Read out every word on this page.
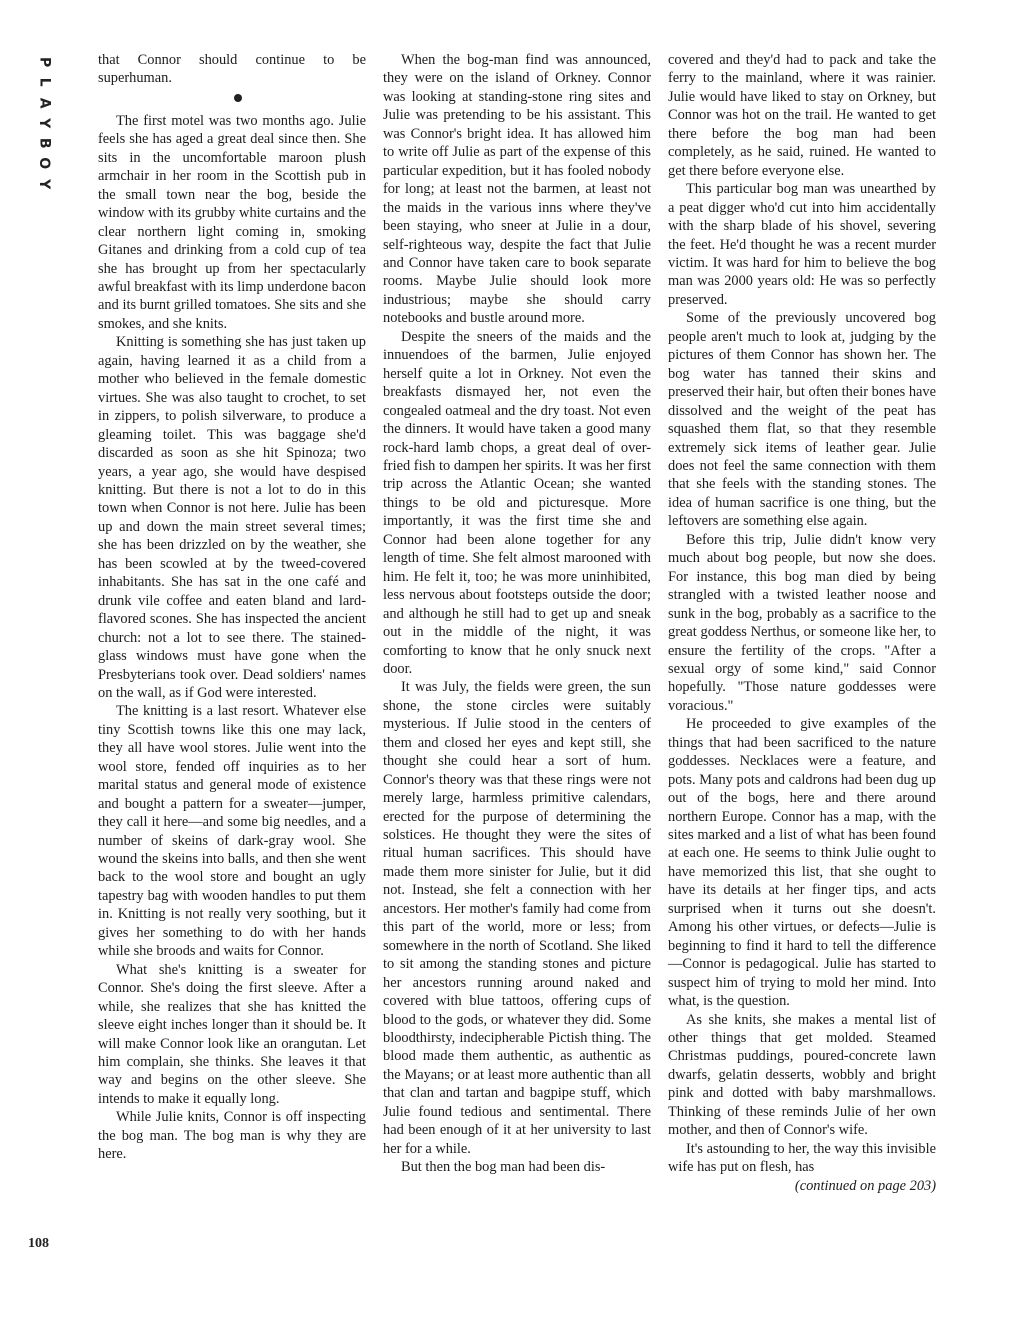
P
L
A
Y
B
O
Y

that Connor should continue to be superhuman.

The first motel was two months ago. Julie feels she has aged a great deal since then. She sits in the uncomfortable maroon plush armchair in her room in the Scottish pub in the small town near the bog, beside the window with its grubby white curtains and the clear northern light coming in, smoking Gitanes and drinking from a cold cup of tea she has brought up from her spectacularly awful breakfast with its limp underdone bacon and its burnt grilled tomatoes. She sits and she smokes, and she knits.

Knitting is something she has just taken up again, having learned it as a child from a mother who believed in the female domestic virtues. She was also taught to crochet, to set in zippers, to polish silverware, to produce a gleaming toilet. This was baggage she'd discarded as soon as she hit Spinoza; two years, a year ago, she would have despised knitting. But there is not a lot to do in this town when Connor is not here. Julie has been up and down the main street several times; she has been drizzled on by the weather, she has been scowled at by the tweed-covered inhabitants. She has sat in the one café and drunk vile coffee and eaten bland and lard-flavored scones. She has inspected the ancient church: not a lot to see there. The stained-glass windows must have gone when the Presbyterians took over. Dead soldiers' names on the wall, as if God were interested.

The knitting is a last resort. Whatever else tiny Scottish towns like this one may lack, they all have wool stores. Julie went into the wool store, fended off inquiries as to her marital status and general mode of existence and bought a pattern for a sweater—jumper, they call it here—and some big needles, and a number of skeins of dark-gray wool. She wound the skeins into balls, and then she went back to the wool store and bought an ugly tapestry bag with wooden handles to put them in. Knitting is not really very soothing, but it gives her something to do with her hands while she broods and waits for Connor.

What she's knitting is a sweater for Connor. She's doing the first sleeve. After a while, she realizes that she has knitted the sleeve eight inches longer than it should be. It will make Connor look like an orangutan. Let him complain, she thinks. She leaves it that way and begins on the other sleeve. She intends to make it equally long.

While Julie knits, Connor is off inspecting the bog man. The bog man is why they are here.

When the bog-man find was announced, they were on the island of Orkney. Connor was looking at standing-stone ring sites and Julie was pretending to be his assistant. This was Connor's bright idea. It has allowed him to write off Julie as part of the expense of this particular expedition, but it has fooled nobody for long; at least not the barmen, at least not the maids in the various inns where they've been staying, who sneer at Julie in a dour, self-righteous way, despite the fact that Julie and Connor have taken care to book separate rooms. Maybe Julie should look more industrious; maybe she should carry notebooks and bustle around more.

Despite the sneers of the maids and the innuendoes of the barmen, Julie enjoyed herself quite a lot in Orkney. Not even the breakfasts dismayed her, not even the congealed oatmeal and the dry toast. Not even the dinners. It would have taken a good many rock-hard lamb chops, a great deal of over-fried fish to dampen her spirits. It was her first trip across the Atlantic Ocean; she wanted things to be old and picturesque. More importantly, it was the first time she and Connor had been alone together for any length of time. She felt almost marooned with him. He felt it, too; he was more uninhibited, less nervous about footsteps outside the door; and although he still had to get up and sneak out in the middle of the night, it was comforting to know that he only snuck next door.

It was July, the fields were green, the sun shone, the stone circles were suitably mysterious. If Julie stood in the centers of them and closed her eyes and kept still, she thought she could hear a sort of hum. Connor's theory was that these rings were not merely large, harmless primitive calendars, erected for the purpose of determining the solstices. He thought they were the sites of ritual human sacrifices. This should have made them more sinister for Julie, but it did not. Instead, she felt a connection with her ancestors. Her mother's family had come from this part of the world, more or less; from somewhere in the north of Scotland. She liked to sit among the standing stones and picture her ancestors running around naked and covered with blue tattoos, offering cups of blood to the gods, or whatever they did. Some bloodthirsty, indecipherable Pictish thing. The blood made them authentic, as authentic as the Mayans; or at least more authentic than all that clan and tartan and bagpipe stuff, which Julie found tedious and sentimental. There had been enough of it at her university to last her for a while.

But then the bog man had been dis-

covered and they'd had to pack and take the ferry to the mainland, where it was rainier. Julie would have liked to stay on Orkney, but Connor was hot on the trail. He wanted to get there before the bog man had been completely, as he said, ruined. He wanted to get there before everyone else.

This particular bog man was unearthed by a peat digger who'd cut into him accidentally with the sharp blade of his shovel, severing the feet. He'd thought he was a recent murder victim. It was hard for him to believe the bog man was 2000 years old: He was so perfectly preserved.

Some of the previously uncovered bog people aren't much to look at, judging by the pictures of them Connor has shown her. The bog water has tanned their skins and preserved their hair, but often their bones have dissolved and the weight of the peat has squashed them flat, so that they resemble extremely sick items of leather gear. Julie does not feel the same connection with them that she feels with the standing stones. The idea of human sacrifice is one thing, but the leftovers are something else again.

Before this trip, Julie didn't know very much about bog people, but now she does. For instance, this bog man died by being strangled with a twisted leather noose and sunk in the bog, probably as a sacrifice to the great goddess Nerthus, or someone like her, to ensure the fertility of the crops. "After a sexual orgy of some kind," said Connor hopefully. "Those nature goddesses were voracious."

He proceeded to give examples of the things that had been sacrificed to the nature goddesses. Necklaces were a feature, and pots. Many pots and caldrons had been dug up out of the bogs, here and there around northern Europe. Connor has a map, with the sites marked and a list of what has been found at each one. He seems to think Julie ought to have memorized this list, that she ought to have its details at her finger tips, and acts surprised when it turns out she doesn't. Among his other virtues, or defects—Julie is beginning to find it hard to tell the difference—Connor is pedagogical. Julie has started to suspect him of trying to mold her mind. Into what, is the question.

As she knits, she makes a mental list of other things that get molded. Steamed Christmas puddings, poured-concrete lawn dwarfs, gelatin desserts, wobbly and bright pink and dotted with baby marshmallows. Thinking of these reminds Julie of her own mother, and then of Connor's wife.

It's astounding to her, the way this invisible wife has put on flesh, has

(continued on page 203)
108
